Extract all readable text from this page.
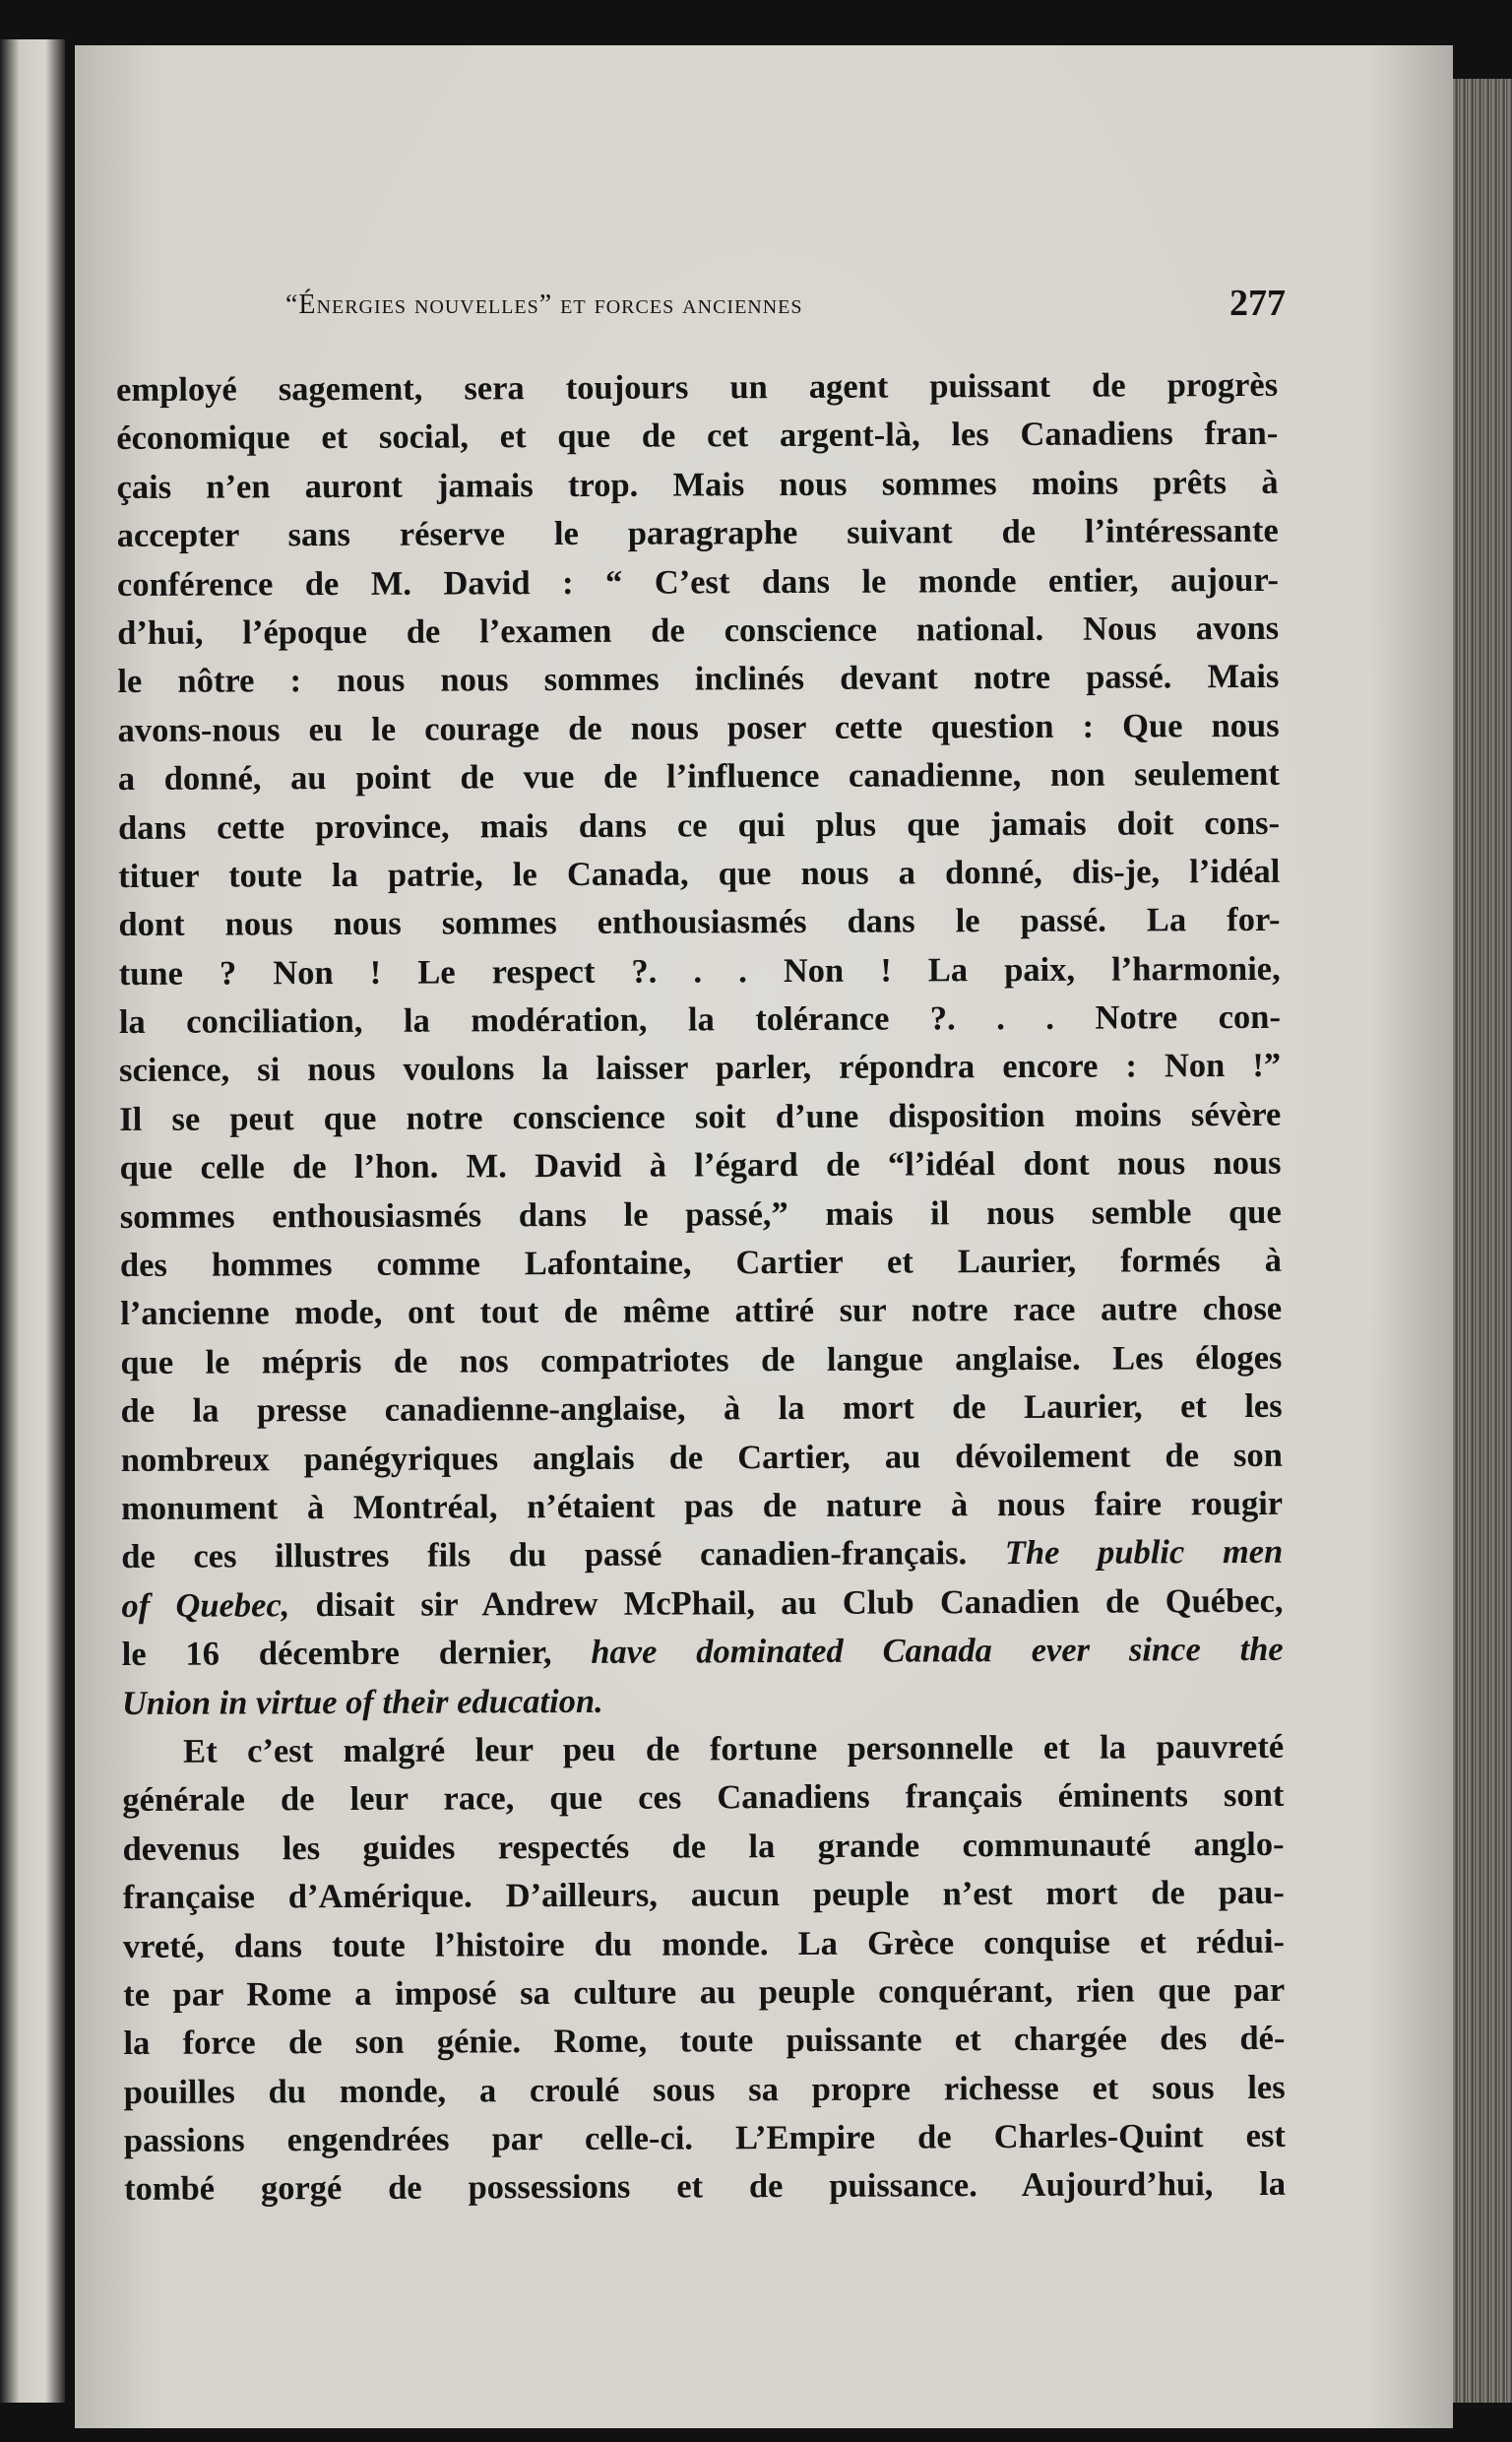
“Énergies nouvelles” et forces anciennes	277
employé sagement, sera toujours un agent puissant de progrès
économique et social, et que de cet argent-là, les Canadiens fran-
çais n’en auront jamais trop. Mais nous sommes moins prêts à
accepter sans réserve le paragraphe suivant de l’intéressante
conférence de M. David : “ C’est dans le monde entier, aujour-
d’hui, l’époque de l’examen de conscience national. Nous avons
le nôtre : nous nous sommes inclinés devant notre passé. Mais
avons-nous eu le courage de nous poser cette question : Que nous
a donné, au point de vue de l’influence canadienne, non seulement
dans cette province, mais dans ce qui plus que jamais doit cons-
tituer toute la patrie, le Canada, que nous a donné, dis-je, l’idéal
dont nous nous sommes enthousiasmés dans le passé. La for-
tune ? Non ! Le respect ?. . . Non ! La paix, l’harmonie,
la conciliation, la modération, la tolérance ?. . . Notre con-
science, si nous voulons la laisser parler, répondra encore : Non !”
Il se peut que notre conscience soit d’une disposition moins sévère
que celle de l’hon. M. David à l’égard de “l’idéal dont nous nous
sommes enthousiasmés dans le passé,” mais il nous semble que
des hommes comme Lafontaine, Cartier et Laurier, formés à
l’ancienne mode, ont tout de même attiré sur notre race autre chose
que le mépris de nos compatriotes de langue anglaise. Les éloges
de la presse canadienne-anglaise, à la mort de Laurier, et les
nombreux panégyriques anglais de Cartier, au dévoilement de son
monument à Montréal, n’étaient pas de nature à nous faire rougir
de ces illustres fils du passé canadien-français. The public men
of Quebec, disait sir Andrew McPhail, au Club Canadien de Québec,
le 16 décembre dernier, have dominated Canada ever since the
Union in virtue of their education.
Et c’est malgré leur peu de fortune personnelle et la pauvreté
générale de leur race, que ces Canadiens français éminents sont
devenus les guides respectés de la grande communauté anglo-
française d’Amérique. D’ailleurs, aucun peuple n’est mort de pau-
vreté, dans toute l’histoire du monde. La Grèce conquise et rédui-
te par Rome a imposé sa culture au peuple conquérant, rien que par
la force de son génie. Rome, toute puissante et chargée des dé-
pouilles du monde, a croulé sous sa propre richesse et sous les
passions engendrées par celle-ci. L’Empire de Charles-Quint est
tombé gorgé de possessions et de puissance. Aujourd’hui, la
